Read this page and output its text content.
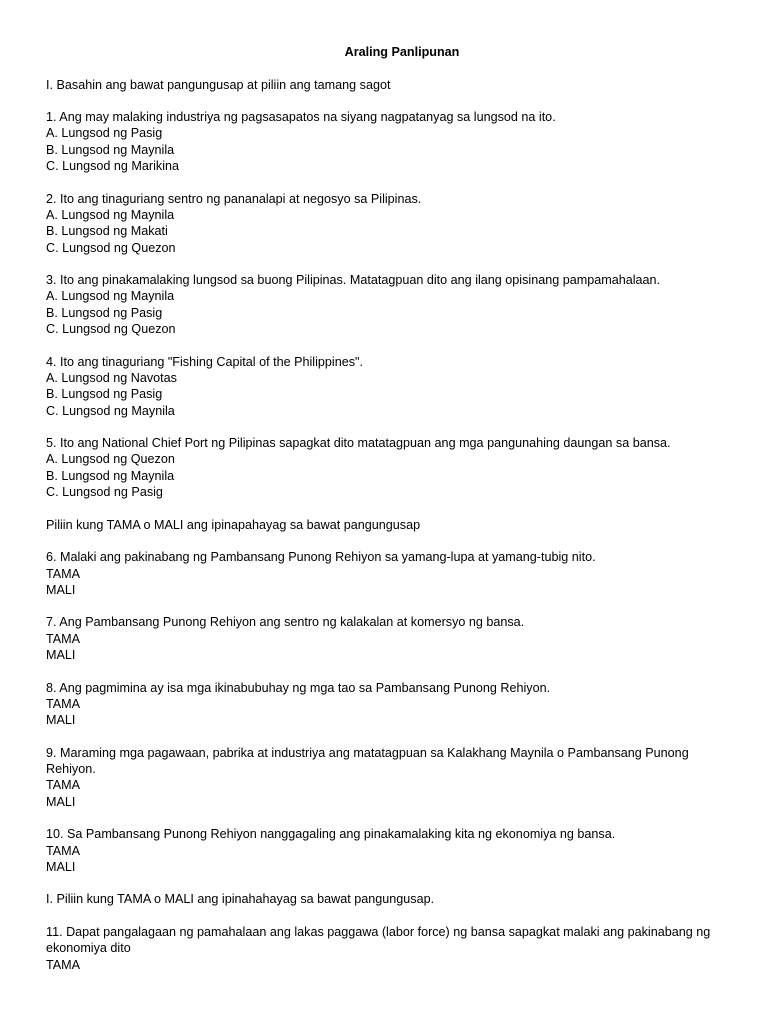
Araling Panlipunan
I. Basahin ang bawat pangungusap at piliin ang tamang sagot
1. Ang may malaking industriya ng pagsasapatos na siyang nagpatanyag sa lungsod na ito.
A. Lungsod ng Pasig
B. Lungsod ng Maynila
C. Lungsod ng Marikina
2. Ito ang tinaguriang sentro ng pananalapi at negosyo sa Pilipinas.
A. Lungsod ng Maynila
B. Lungsod ng Makati
C. Lungsod ng Quezon
3. Ito ang pinakamalaking lungsod sa buong Pilipinas. Matatagpuan dito ang ilang opisinang pampamahalaan.
A. Lungsod ng Maynila
B. Lungsod ng Pasig
C. Lungsod ng Quezon
4. Ito ang tinaguriang "Fishing Capital of the Philippines".
A. Lungsod ng Navotas
B. Lungsod ng Pasig
C. Lungsod ng Maynila
5. Ito ang National Chief Port ng Pilipinas sapagkat dito matatagpuan ang mga pangunahing daungan sa bansa.
A. Lungsod ng Quezon
B. Lungsod ng Maynila
C. Lungsod ng Pasig
Piliin kung TAMA o MALI ang ipinapahayag sa bawat pangungusap
6. Malaki ang pakinabang ng Pambansang Punong Rehiyon sa yamang-lupa at yamang-tubig nito.
TAMA
MALI
7. Ang Pambansang Punong Rehiyon ang sentro ng kalakalan at komersyo ng bansa.
TAMA
MALI
8. Ang pagmimina ay isa mga ikinabubuhay ng mga tao sa Pambansang Punong Rehiyon.
TAMA
MALI
9. Maraming mga pagawaan, pabrika at industriya ang matatagpuan sa Kalakhang Maynila o Pambansang Punong Rehiyon.
TAMA
MALI
10. Sa Pambansang Punong Rehiyon nanggagaling ang pinakamalaking kita ng ekonomiya ng bansa.
TAMA
MALI
I. Piliin kung TAMA o MALI ang ipinahahayag sa bawat pangungusap.
11. Dapat pangalagaan ng pamahalaan ang lakas paggawa (labor force) ng bansa sapagkat malaki ang pakinabang ng ekonomiya dito
TAMA
